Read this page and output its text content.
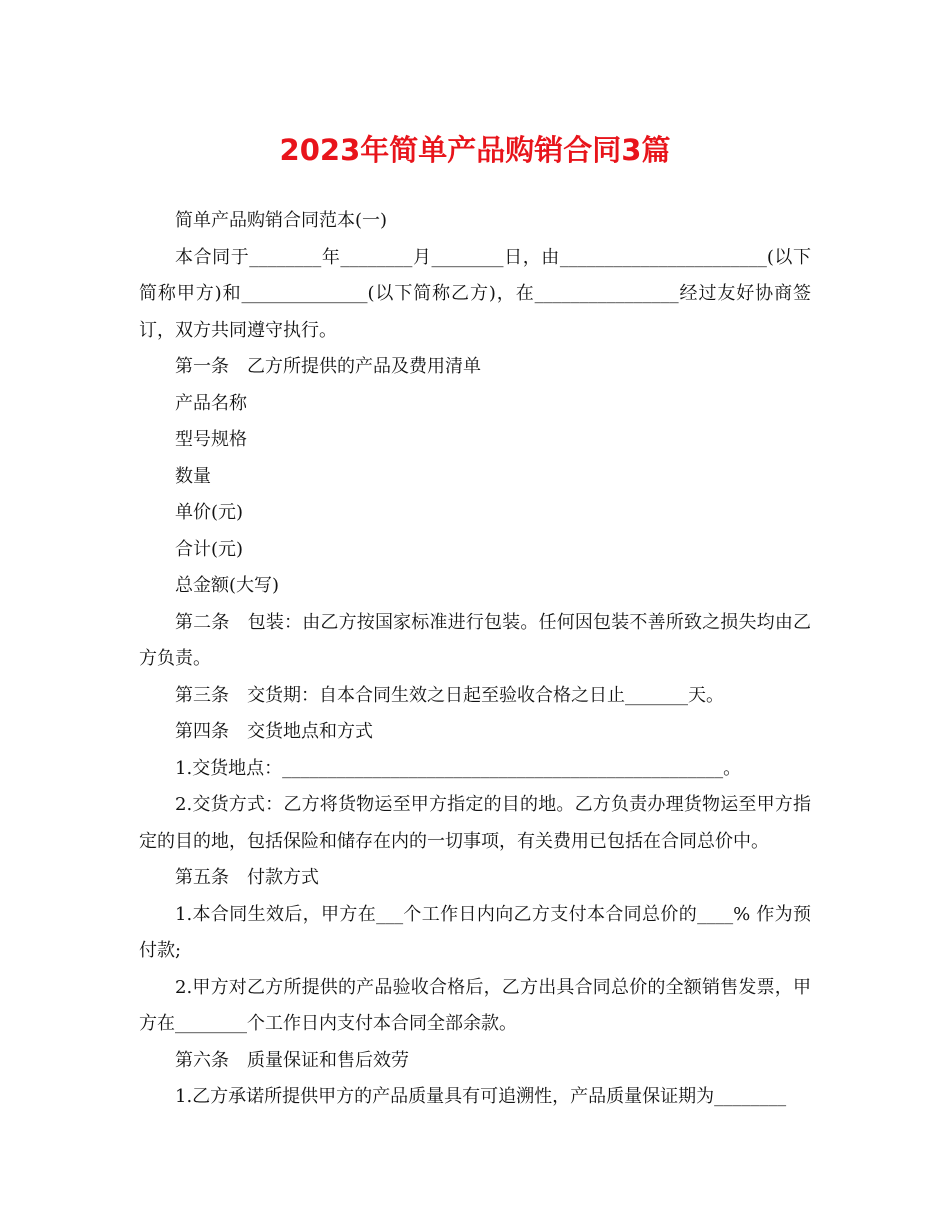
2023年简单产品购销合同3篇

简单产品购销合同范本(一)

本合同于________年________月________日，由_______________________(以下简称甲方)和______________(以下简称乙方)，在________________经过友好协商签订，双方共同遵守执行。

第一条　乙方所提供的产品及费用清单

产品名称

型号规格

数量

单价(元)

合计(元)

总金额(大写)

第二条　包装：由乙方按国家标准进行包装。任何因包装不善所致之损失均由乙方负责。

第三条　交货期：自本合同生效之日起至验收合格之日止_______天。

第四条　交货地点和方式

1.交货地点：_________________________________________________。

2.交货方式：乙方将货物运至甲方指定的目的地。乙方负责办理货物运至甲方指定的目的地，包括保险和储存在内的一切事项，有关费用已包括在合同总价中。

第五条　付款方式

1.本合同生效后，甲方在___个工作日内向乙方支付本合同总价的____% 作为预付款;

2.甲方对乙方所提供的产品验收合格后，乙方出具合同总价的全额销售发票，甲方在________个工作日内支付本合同全部余款。

第六条　质量保证和售后效劳

1.乙方承诺所提供甲方的产品质量具有可追溯性，产品质量保证期为________
